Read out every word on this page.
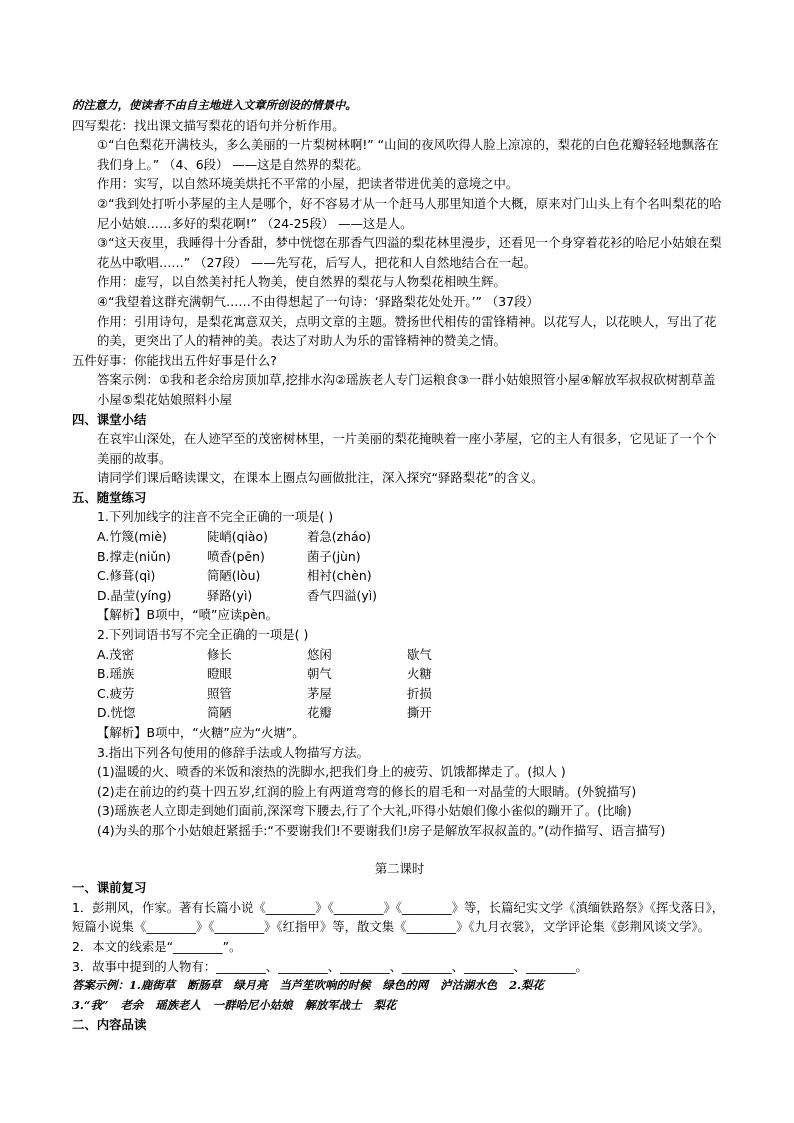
的注意力，使读者不由自主地进入文章所创设的情景中。
四写梨花：找出课文描写梨花的语句并分析作用。
①“白色梨花开满枝头，多么美丽的一片梨树林啊!” “山间的夜风吹得人脸上凉凉的，梨花的白色花瓣轻轻地飘落在我们身上。” （4、6段） ——这是自然界的梨花。
作用：实写，以自然环境美烘托不平常的小屋，把读者带进优美的意境之中。
②“我到处打听小茅屋的主人是哪个，好不容易才从一个赶马人那里知道个大概，原来对门山头上有个名叫梨花的哈尼小姑娘……多好的梨花啊!” （24-25段） ——这是人。
③“这天夜里，我睡得十分香甜，梦中恍惚在那香气四溢的梨花林里漫步，还看见一个身穿着花衫的哈尼小姑娘在梨花丛中歌唱……” （27段） ——先写花，后写人，把花和人自然地结合在一起。
作用：虚写，以自然美衬托人物美，使自然界的梨花与人物梨花相映生辉。
④“我望着这群充满朝气……不由得想起了一句诗：‘驿路梨花处处开。’” （37段）
作用：引用诗句，是梨花寓意双关，点明文章的主题。赞扬世代相传的雷锋精神。以花写人，以花映人，写出了花的美，更突出了人的精神的美。表达了对助人为乐的雷锋精神的赞美之情。
五件好事：你能找出五件好事是什么?
答案示例：①我和老余给房顶加草,挖排水沟②瑶族老人专门运粮食③一群小姑娘照管小屋④解放军叔叔砍树割草盖小屋⑤梨花姑娘照料小屋
四、课堂小结
在哀牢山深处，在人迹罕至的茂密树林里，一片美丽的梨花掩映着一座小茅屋，它的主人有很多，它见证了一个个美丽的故事。
请同学们课后略读课文，在课本上圈点勾画做批注，深入探究“驿路梨花”的含义。
五、随堂练习
1.下列加线字的注音不完全正确的一项是( )
A.竹篾(miè)	陡峭(qiào)	着急(zháo)
B.撑走(niǔn)	喷香(pēn)	菌子(jùn)
C.修葺(qì)	简陋(lòu)	相衬(chèn)
D.晶莹(yíng)	驿路(yì)	香气四溢(yì)
【解析】B项中，“喷”应读pèn。
2.下列词语书写不完全正确的一项是( )
A.茂密	修长	悠闲	歇气
B.瑶族	瞪眼	朝气	火糖
C.疲劳	照管	茅屋	折损
D.恍惚	简陋	花瓣	撕开
【解析】B项中，“火糖”应为“火塘”。
3.指出下列各句使用的修辞手法或人物描写方法。
(1)温暖的火、喷香的米饭和滚热的洗脚水,把我们身上的疲劳、饥饿都撵走了。(拟人 )
(2)走在前边的约莫十四五岁,红润的脸上有两道弯弯的修长的眉毛和一对晶莹的大眼睛。(外貌描写)
(3)瑶族老人立即走到她们面前,深深弯下腰去,行了个大礼,吓得小姑娘们像小雀似的蹦开了。(比喻)
(4)为头的那个小姑娘赶紧摇手:“不要谢我们!不要谢我们!房子是解放军叔叔盖的。”(动作描写、语言描写)
第二课时
一、课前复习
1．彭荆风，作家。著有长篇小说《________》《________》《________》等，长篇纪实文学《滇缅铁路祭》《挥戈落日》，短篇小说集《________》《________》《红指甲》等，散文集《________》《九月衣裳》，文学评论集《彭荆风谈文学》。
2．本文的线索是“________”。
3．故事中提到的人物有：________、________、________、________、________、________。
答案示例：1.鹿街草 断肠草 绿月亮 当芦笙吹响的时候 绿色的网 泸沽湖水色 2.梨花
3.“我” 老余 瑶族老人 一群哈尼小姑娘 解放军战士 梨花
二、内容品读
